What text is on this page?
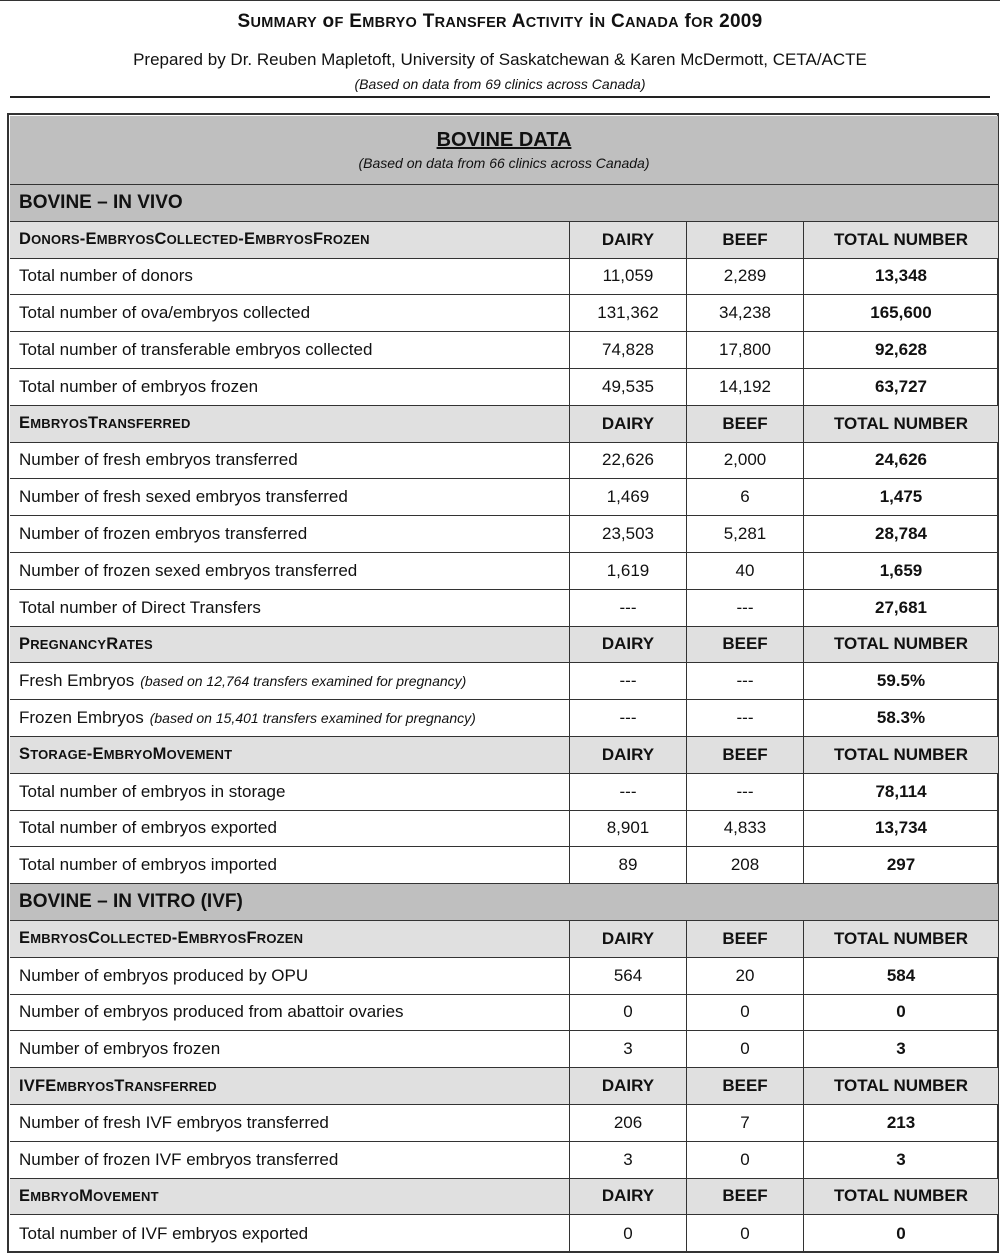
SUMMARY oF EMBRYO TRANSFER ACTIVITY iN CANADA fOR 2009
Prepared by Dr. Reuben Mapletoft, University of Saskatchewan & Karen McDermott, CETA/ACTE
(Based on data from 69 clinics across Canada)
BOVINE DATA
(Based on data from 66 clinics across Canada)
BOVINE – IN VIVO
D ONORS - E MBRYOS C OLLECTED - E MBRYOS F ROZEN	DAIRY	BEEF	TOTAL NUMBER
Total number of donors	11,059	2,289	13,348
Total number of ova/embryos collected	131,362	34,238	165,600
Total number of transferable embryos collected	74,828	17,800	92,628
Total number of embryos frozen	49,535	14,192	63,727
E MBRYOS T RANSFERRED	DAIRY	BEEF	TOTAL NUMBER
Number of fresh embryos transferred	22,626	2,000	24,626
Number of fresh sexed embryos transferred	1,469	6	1,475
Number of frozen embryos transferred	23,503	5,281	28,784
Number of frozen sexed embryos transferred	1,619	40	1,659
Total number of Direct Transfers	---	---	27,681
P REGNANCY R ATES	DAIRY	BEEF	TOTAL NUMBER
Fresh Embryos (based on 12,764 transfers examined for pregnancy)	---	---	59.5%
Frozen Embryos (based on 15,401 transfers examined for pregnancy)	---	---	58.3%
S TORAGE - E MBRYO M OVEMENT	DAIRY	BEEF	TOTAL NUMBER
Total number of embryos in storage	---	---	78,114
Total number of embryos exported	8,901	4,833	13,734
Total number of embryos imported	89	208	297
BOVINE – IN VITRO (IVF)
E MBRYOS C OLLECTED - E MBRYOS F ROZEN	DAIRY	BEEF	TOTAL NUMBER
Number of embryos produced by OPU	564	20	584
Number of embryos produced from abattoir ovaries	0	0	0
Number of embryos frozen	3	0	3
I VF E MBRYOS T RANSFERRED	DAIRY	BEEF	TOTAL NUMBER
Number of fresh IVF embryos transferred	206	7	213
Number of frozen IVF embryos transferred	3	0	3
E MBRYO M OVEMENT	DAIRY	BEEF	TOTAL NUMBER
Total number of IVF embryos exported	0	0	0
